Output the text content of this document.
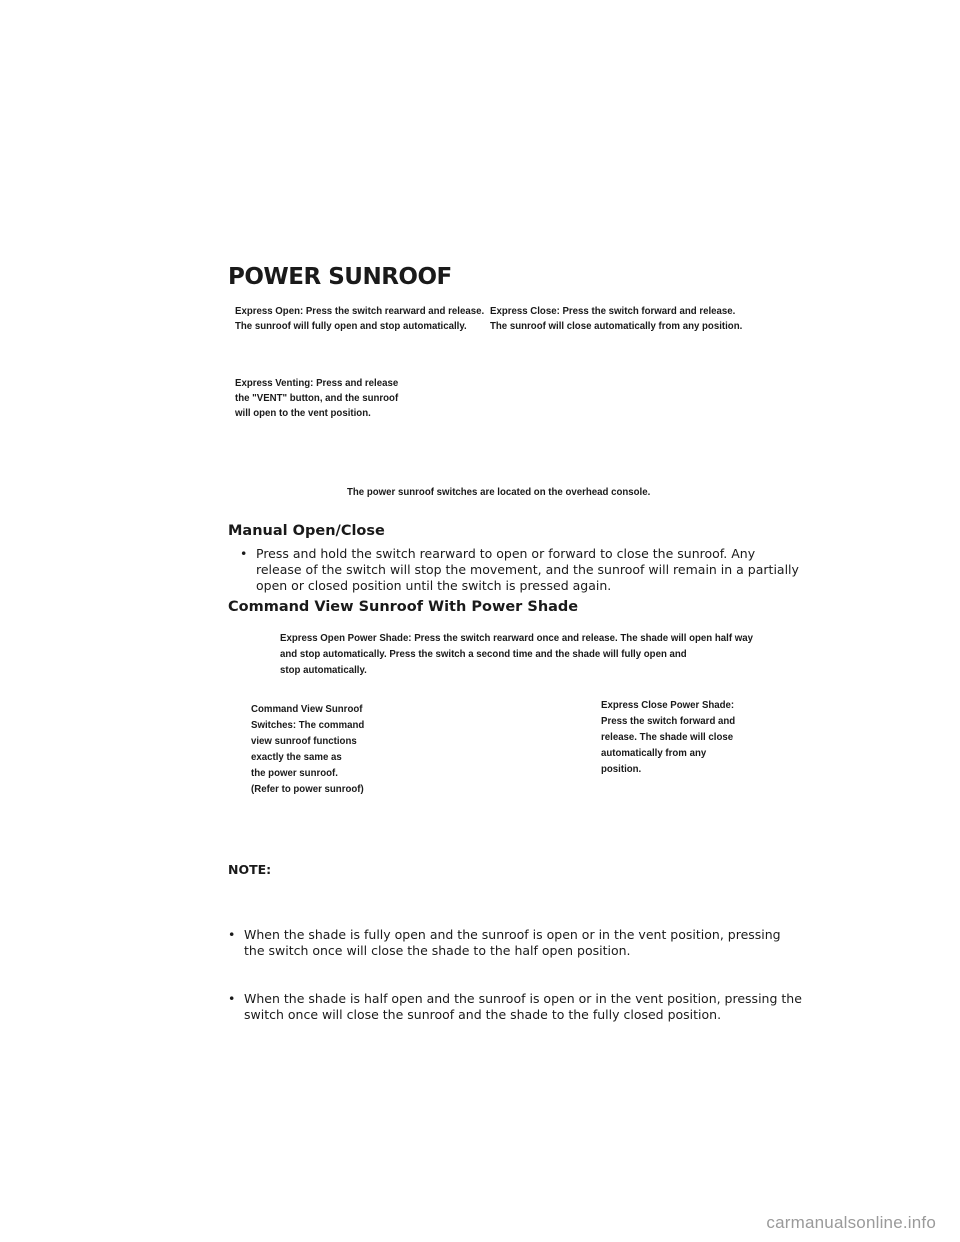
POWER SUNROOF
Express Open: Press the switch rearward and release.
The sunroof will fully open and stop automatically.
Express Close: Press the switch forward and release.
The sunroof will close automatically from any position.
Express Venting: Press and release
the "VENT" button, and the sunroof
will open to the vent position.
The power sunroof switches are located on the overhead console.
Manual Open/Close
• Press and hold the switch rearward to open or forward to close the sunroof. Any
release of the switch will stop the movement, and the sunroof will remain in a partially
open or closed position until the switch is pressed again.
Command View Sunroof With Power Shade
Express Open Power Shade: Press the switch rearward once and release. The shade will open half way
and stop automatically. Press the switch a second time and the shade will fully open and
stop automatically.
Command View Sunroof
Switches: The command
view sunroof functions
exactly the same as
the power sunroof.
(Refer to power sunroof)
Express Close Power Shade:
Press the switch forward and
release. The shade will close
automatically from any
position.
NOTE:
• When the shade is fully open and the sunroof is open or in the vent position, pressing
the switch once will close the shade to the half open position.
• When the shade is half open and the sunroof is open or in the vent position, pressing the
switch once will close the sunroof and the shade to the fully closed position.
carmanualsonline.info
